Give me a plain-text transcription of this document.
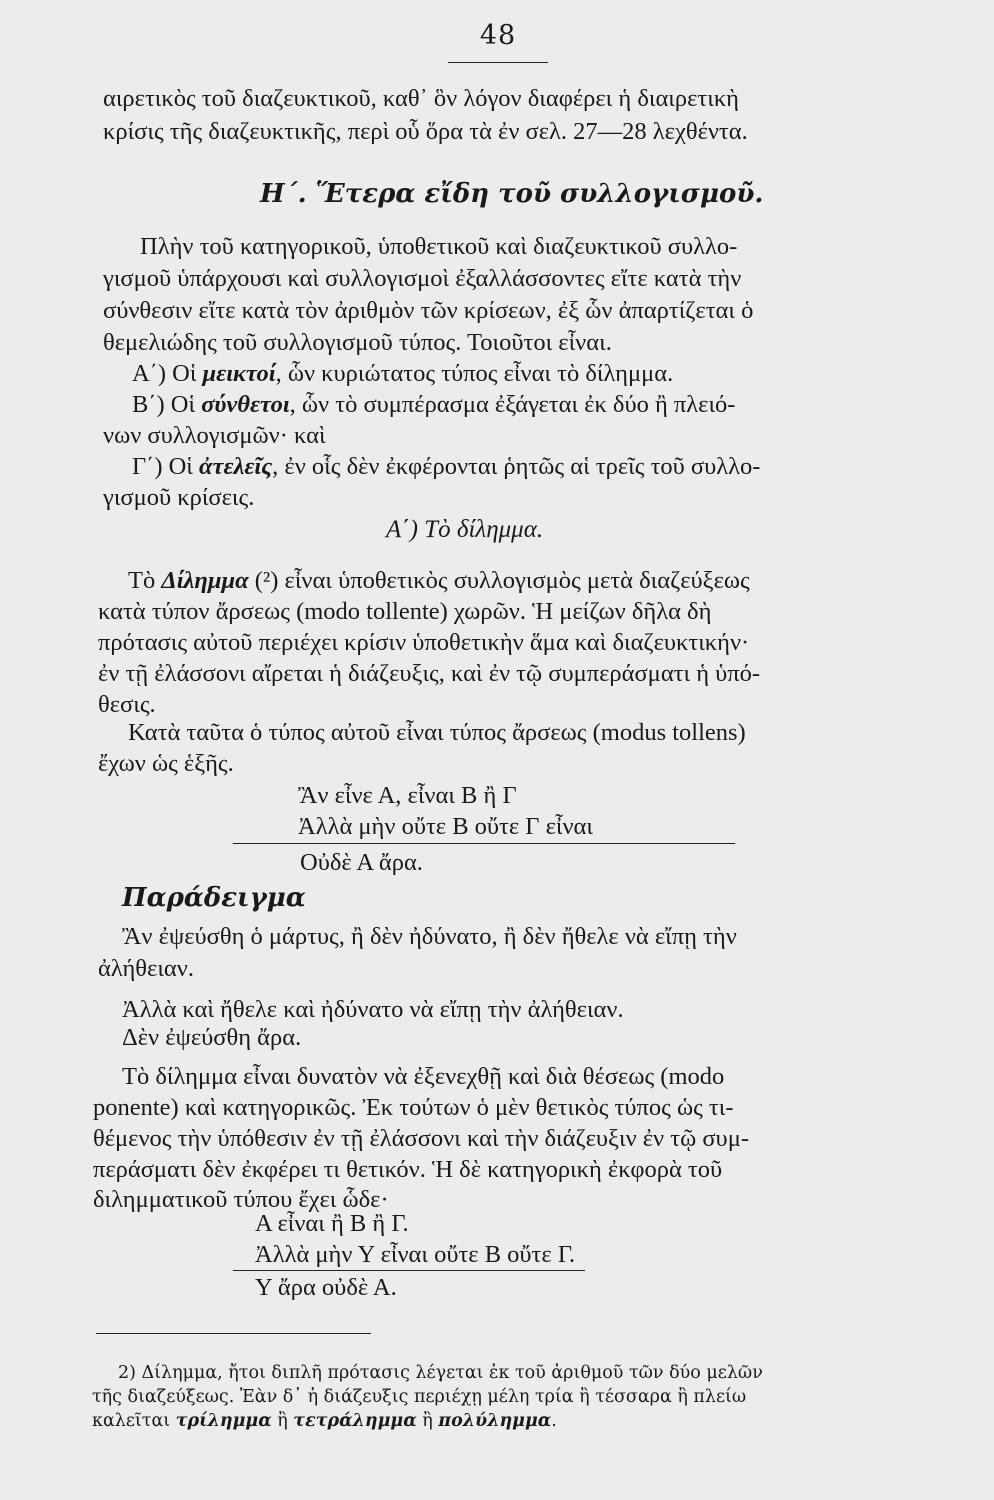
48
αιρετικὸς τοῦ διαζευκτικοῦ, καθ᾽ ὃν λόγον διαφέρει ἡ διαιρετικὴ
κρίσις τῆς διαζευκτικῆς, περὶ οὗ ὅρα τὰ ἐν σελ. 27—28 λεχθέντα.
Η΄. Ἕτερα εἴδη τοῦ συλλογισμοῦ.
Πλὴν τοῦ κατηγορικοῦ, ὑποθετικοῦ καὶ διαζευκτικοῦ συλλο-
γισμοῦ ὑπάρχουσι καὶ συλλογισμοὶ ἐξαλλάσσοντες εἴτε κατὰ τὴν
σύνθεσιν εἴτε κατὰ τὸν ἀριθμὸν τῶν κρίσεων, ἐξ ὧν ἀπαρτίζεται ὁ
θεμελιώδης τοῦ συλλογισμοῦ τύπος. Τοιοῦτοι εἶναι.
Α΄) Οἱ μεικτοί, ὧν κυριώτατος τύπος εἶναι τὸ δίλημμα.
Β΄) Οἱ σύνθετοι, ὧν τὸ συμπέρασμα ἐξάγεται ἐκ δύο ἢ πλειό-
νων συλλογισμῶν· καὶ
Γ΄) Οἱ ἀτελεῖς, ἐν οἷς δὲν ἐκφέρονται ῥητῶς αἱ τρεῖς τοῦ συλλο-
γισμοῦ κρίσεις.
Α΄) Τὸ δίλημμα.
Τὸ Δίλημμα (²) εἶναι ὑποθετικὸς συλλογισμὸς μετὰ διαζεύξεως
κατὰ τύπον ἄρσεως (modo tollente) χωρῶν. Ἡ μείζων δῆλα δὴ
πρότασις αὐτοῦ περιέχει κρίσιν ὑποθετικὴν ἅμα καὶ διαζευκτικήν·
ἐν τῇ ἐλάσσονι αἴρεται ἡ διάζευξις, καὶ ἐν τῷ συμπεράσματι ἡ ὑπό-
θεσις.
Κατὰ ταῦτα ὁ τύπος αὐτοῦ εἶναι τύπος ἄρσεως (modus tollens)
ἔχων ὡς ἑξῆς.
Ἂν εἶνε Α, εἶναι Β ἢ Γ
Ἀλλὰ μὴν οὔτε Β οὔτε Γ εἶναι
Οὐδὲ Α ἄρα.
Παράδειγμα
Ἂν ἐψεύσθη ὁ μάρτυς, ἢ δὲν ἠδύνατο, ἢ δὲν ἤθελε νὰ εἴπῃ τὴν
ἀλήθειαν.
Ἀλλὰ καὶ ἤθελε καὶ ἠδύνατο νὰ εἴπῃ τὴν ἀλήθειαν.
Δὲν ἐψεύσθη ἄρα.
Τὸ δίλημμα εἶναι δυνατὸν νὰ ἐξενεχθῇ καὶ διὰ θέσεως (modo
ponente) καὶ κατηγορικῶς. Ἐκ τούτων ὁ μὲν θετικὸς τύπος ὡς τι-
θέμενος τὴν ὑπόθεσιν ἐν τῇ ἐλάσσονι καὶ τὴν διάζευξιν ἐν τῷ συμ-
περάσματι δὲν ἐκφέρει τι θετικόν. Ἡ δὲ κατηγορικὴ ἐκφορὰ τοῦ
διλημματικοῦ τύπου ἔχει ὧδε·
Α εἶναι ἢ Β ἢ Γ.
Ἀλλὰ μὴν Υ εἶναι οὔτε Β οὔτε Γ.
Υ ἄρα οὐδὲ Α.
2) Δίλημμα, ἤτοι διπλῆ πρότασις λέγεται ἐκ τοῦ ἀριθμοῦ τῶν δύο μελῶν
τῆς διαζεύξεως. Ἐὰν δ᾽ ἡ διάζευξις περιέχῃ μέλη τρία ἢ τέσσαρα ἢ πλείω
καλεῖται τρίλημμα ἢ τετράλημμα ἢ πολύλημμα.
